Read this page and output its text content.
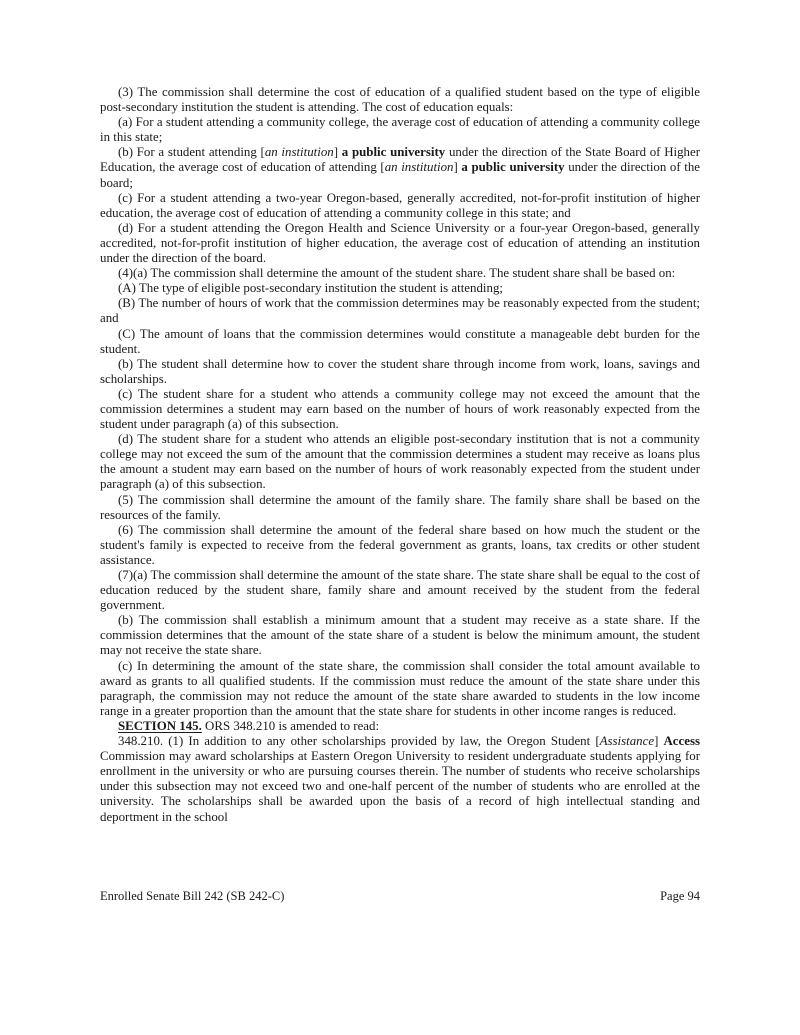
(3) The commission shall determine the cost of education of a qualified student based on the type of eligible post-secondary institution the student is attending. The cost of education equals:

(a) For a student attending a community college, the average cost of education of attending a community college in this state;

(b) For a student attending [an institution] a public university under the direction of the State Board of Higher Education, the average cost of education of attending [an institution] a public university under the direction of the board;

(c) For a student attending a two-year Oregon-based, generally accredited, not-for-profit institution of higher education, the average cost of education of attending a community college in this state; and

(d) For a student attending the Oregon Health and Science University or a four-year Oregon-based, generally accredited, not-for-profit institution of higher education, the average cost of education of attending an institution under the direction of the board.

(4)(a) The commission shall determine the amount of the student share. The student share shall be based on:

(A) The type of eligible post-secondary institution the student is attending;

(B) The number of hours of work that the commission determines may be reasonably expected from the student; and

(C) The amount of loans that the commission determines would constitute a manageable debt burden for the student.

(b) The student shall determine how to cover the student share through income from work, loans, savings and scholarships.

(c) The student share for a student who attends a community college may not exceed the amount that the commission determines a student may earn based on the number of hours of work reasonably expected from the student under paragraph (a) of this subsection.

(d) The student share for a student who attends an eligible post-secondary institution that is not a community college may not exceed the sum of the amount that the commission determines a student may receive as loans plus the amount a student may earn based on the number of hours of work reasonably expected from the student under paragraph (a) of this subsection.

(5) The commission shall determine the amount of the family share. The family share shall be based on the resources of the family.

(6) The commission shall determine the amount of the federal share based on how much the student or the student's family is expected to receive from the federal government as grants, loans, tax credits or other student assistance.

(7)(a) The commission shall determine the amount of the state share. The state share shall be equal to the cost of education reduced by the student share, family share and amount received by the student from the federal government.

(b) The commission shall establish a minimum amount that a student may receive as a state share. If the commission determines that the amount of the state share of a student is below the minimum amount, the student may not receive the state share.

(c) In determining the amount of the state share, the commission shall consider the total amount available to award as grants to all qualified students. If the commission must reduce the amount of the state share under this paragraph, the commission may not reduce the amount of the state share awarded to students in the low income range in a greater proportion than the amount that the state share for students in other income ranges is reduced.

SECTION 145. ORS 348.210 is amended to read:

348.210. (1) In addition to any other scholarships provided by law, the Oregon Student [Assistance] Access Commission may award scholarships at Eastern Oregon University to resident undergraduate students applying for enrollment in the university or who are pursuing courses therein. The number of students who receive scholarships under this subsection may not exceed two and one-half percent of the number of students who are enrolled at the university. The scholarships shall be awarded upon the basis of a record of high intellectual standing and deportment in the school

Enrolled Senate Bill 242 (SB 242-C)	Page 94
